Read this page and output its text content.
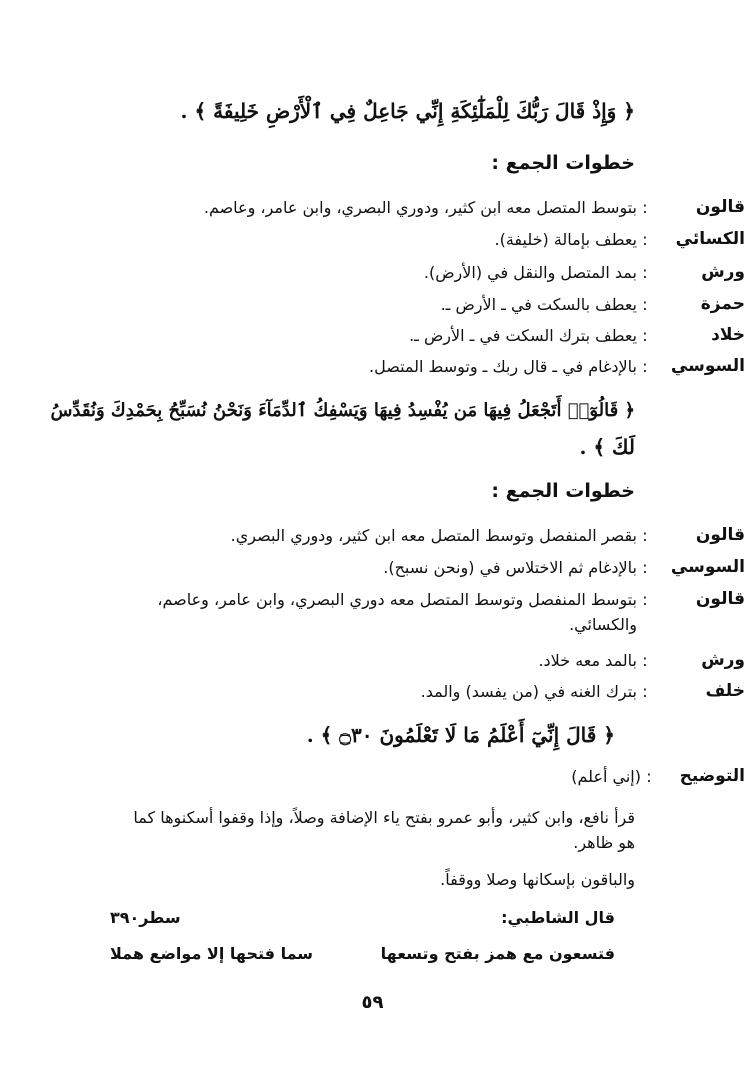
﴿ وَإِذْ قَالَ رَبُّكَ لِلْمَلَٰٓئِكَةِ إِنِّي جَاعِلٌ فِي ٱلْأَرْضِ خَلِيفَةً ﴾ .
خطوات الجمع :
قالون
:
بتوسط المتصل معه ابن كثير، ودوري البصري، وابن عامر، وعاصم.
الكسائي
:
يعطف بإمالة (خليفة).
ورش
:
بمد المتصل والنقل في (الأرض).
حمزة
:
يعطف بالسكت في ـ الأرض ـ.
خلاد
:
يعطف بترك السكت في ـ الأرض ـ.
السوسي
:
بالإدغام في ـ قال ربك ـ وتوسط المتصل.
﴿ قَالُوٓا۟ أَتَجْعَلُ فِيهَا مَن يُفْسِدُ فِيهَا وَيَسْفِكُ ٱلدِّمَآءَ وَنَحْنُ نُسَبِّحُ بِحَمْدِكَ وَنُقَدِّسُ
لَكَ ﴾ .
خطوات الجمع :
قالون
:
بقصر المنفصل وتوسط المتصل معه ابن كثير، ودوري البصري.
السوسي
:
بالإدغام ثم الاختلاس في (ونحن نسبح).
قالون
:
بتوسط المنفصل وتوسط المتصل معه دوري البصري، وابن عامر، وعاصم، والكسائي.
ورش
:
بالمد معه خلاد.
خلف
:
بترك الغنه في (من يفسد) والمد.
﴿ قَالَ إِنِّيٓ أَعْلَمُ مَا لَا تَعْلَمُونَ ۝٣٠ ﴾ .
التوضيح
:
(إني أعلم)
قرأ نافع، وابن كثير، وأبو عمرو بفتح ياء الإضافة وصلاً، وإذا وقفوا أسكنوها كما هو ظاهر.
والباقون بإسكانها وصلا ووقفاً.
قال الشاطبي:
سطر٣٩٠
فتسعون مع همز بفتح وتسعها
سما فتحها إلا مواضع هملا
٥٩
